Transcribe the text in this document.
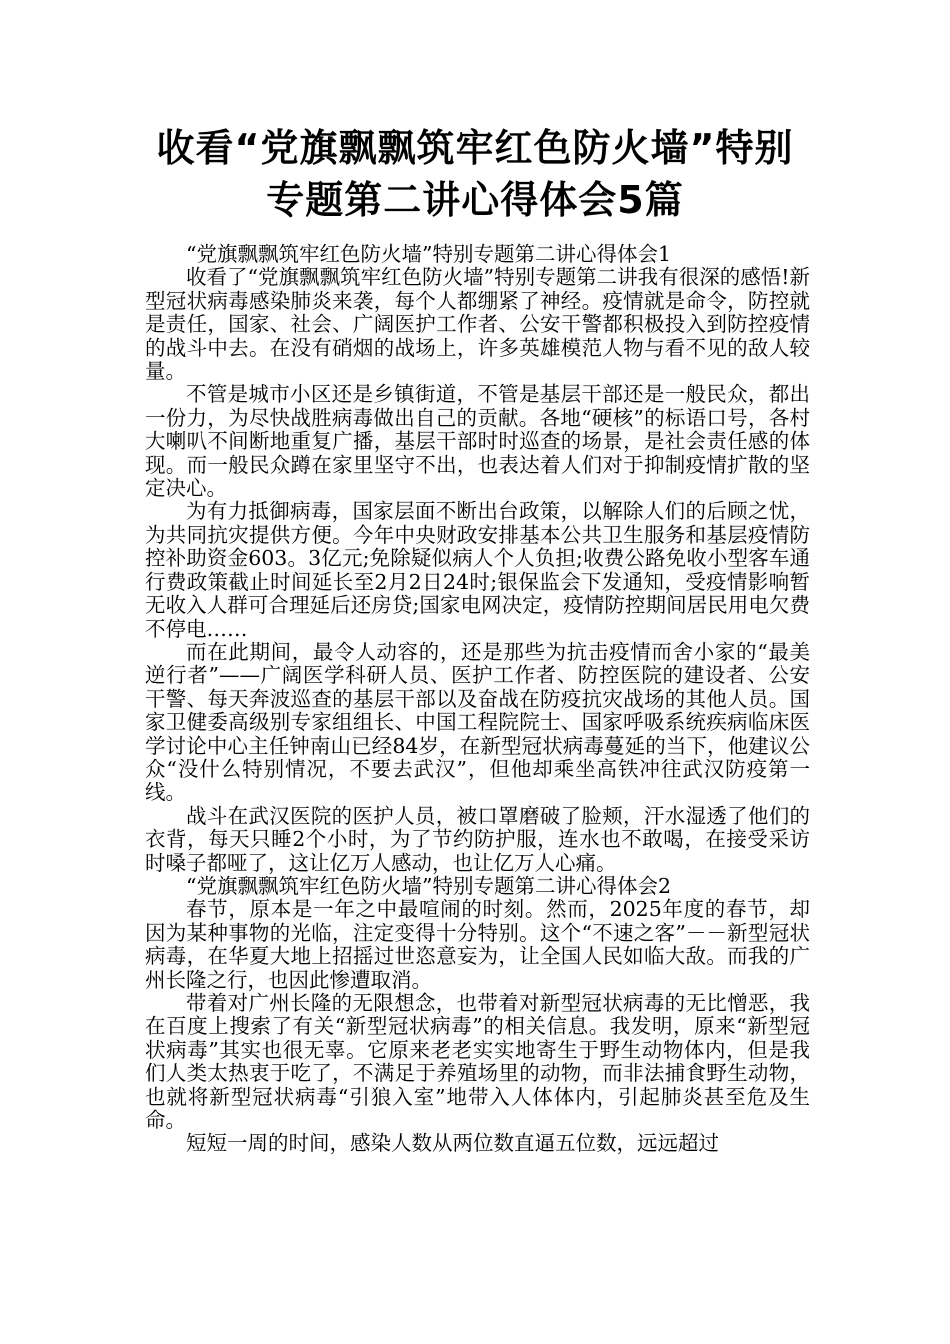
收看“党旗飘飘筑牢红色防火墙”特别
专题第二讲心得体会5篇

“党旗飘飘筑牢红色防火墙”特别专题第二讲心得体会1

收看了“党旗飘飘筑牢红色防火墙”特别专题第二讲我有很深的感悟!新型冠状病毒感染肺炎来袭，每个人都绷紧了神经。疫情就是命令，防控就是责任，国家、社会、广阔医护工作者、公安干警都积极投入到防控疫情的战斗中去。在没有硝烟的战场上，许多英雄模范人物与看不见的敌人较量。

不管是城市小区还是乡镇街道，不管是基层干部还是一般民众，都出一份力，为尽快战胜病毒做出自己的贡献。各地“硬核”的标语口号，各村大喇叭不间断地重复广播，基层干部时时巡查的场景，是社会责任感的体现。而一般民众蹲在家里坚守不出，也表达着人们对于抑制疫情扩散的坚定决心。

为有力抵御病毒，国家层面不断出台政策，以解除人们的后顾之忧，为共同抗灾提供方便。今年中央财政安排基本公共卫生服务和基层疫情防控补助资金603。3亿元;免除疑似病人个人负担;收费公路免收小型客车通行费政策截止时间延长至2月2日24时;银保监会下发通知，受疫情影响暂无收入人群可合理延后还房贷;国家电网决定，疫情防控期间居民用电欠费不停电……

而在此期间，最令人动容的，还是那些为抗击疫情而舍小家的“最美逆行者”——广阔医学科研人员、医护工作者、防控医院的建设者、公安干警、每天奔波巡查的基层干部以及奋战在防疫抗灾战场的其他人员。国家卫健委高级别专家组组长、中国工程院院士、国家呼吸系统疾病临床医学讨论中心主任钟南山已经84岁，在新型冠状病毒蔓延的当下，他建议公众“没什么特别情况，不要去武汉”，但他却乘坐高铁冲往武汉防疫第一线。

战斗在武汉医院的医护人员，被口罩磨破了脸颊，汗水湿透了他们的衣背，每天只睡2个小时，为了节约防护服，连水也不敢喝，在接受采访时嗓子都哑了，这让亿万人感动，也让亿万人心痛。

“党旗飘飘筑牢红色防火墙”特别专题第二讲心得体会2

春节，原本是一年之中最喧闹的时刻。然而，2025年度的春节，却因为某种事物的光临，注定变得十分特别。这个“不速之客”－－新型冠状病毒，在华夏大地上招摇过世恣意妄为，让全国人民如临大敌。而我的广州长隆之行，也因此惨遭取消。

带着对广州长隆的无限想念，也带着对新型冠状病毒的无比憎恶，我在百度上搜索了有关“新型冠状病毒”的相关信息。我发明，原来“新型冠状病毒”其实也很无辜。它原来老老实实地寄生于野生动物体内，但是我们人类太热衷于吃了，不满足于养殖场里的动物，而非法捕食野生动物，也就将新型冠状病毒“引狼入室”地带入人体体内，引起肺炎甚至危及生命。

短短一周的时间，感染人数从两位数直逼五位数，远远超过
